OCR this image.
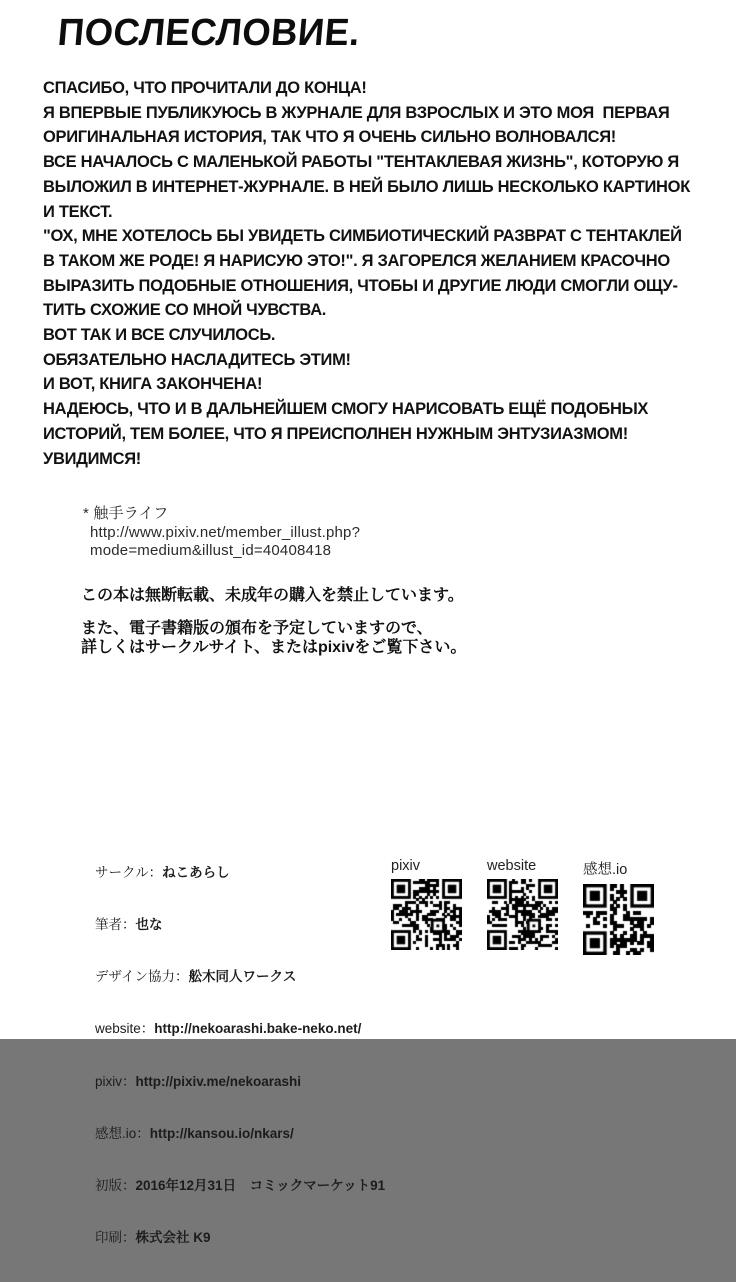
ПОСЛЕСЛОВИЕ.
СПАСИБО, ЧТО ПРОЧИТАЛИ ДО КОНЦА!
Я ВПЕРВЫЕ ПУБЛИКУЮСЬ В ЖУРНАЛЕ ДЛЯ ВЗРОСЛЫХ И ЭТО МОЯ  ПЕРВАЯ
ОРИГИНАЛЬНАЯ ИСТОРИЯ, ТАК ЧТО Я ОЧЕНЬ СИЛЬНО ВОЛНОВАЛСЯ!
ВСЕ НАЧАЛОСЬ С МАЛЕНЬКОЙ РАБОТЫ "ТЕНТАКЛЕВАЯ ЖИЗНЬ", КОТОРУЮ Я
ВЫЛОЖИЛ В ИНТЕРНЕТ-ЖУРНАЛЕ. В НЕЙ БЫЛО ЛИШЬ НЕСКОЛЬКО КАРТИНОК
И ТЕКСТ.
"ОХ, МНЕ ХОТЕЛОСЬ БЫ УВИДЕТЬ СИМБИОТИЧЕСКИЙ РАЗВРАТ С ТЕНТАКЛЕЙ
В ТАКОМ ЖЕ РОДЕ! Я НАРИСУЮ ЭТО!". Я ЗАГОРЕЛСЯ ЖЕЛАНИЕМ КРАСОЧНО
ВЫРАЗИТЬ ПОДОБНЫЕ ОТНОШЕНИЯ, ЧТОБЫ И ДРУГИЕ ЛЮДИ СМОГЛИ ОЩУ-
ТИТЬ СХОЖИЕ СО МНОЙ ЧУВСТВА.
ВОТ ТАК И ВСЕ СЛУЧИЛОСЬ.
ОБЯЗАТЕЛЬНО НАСЛАДИТЕСЬ ЭТИМ!
И ВОТ, КНИГА ЗАКОНЧЕНА!
НАДЕЮСЬ, ЧТО И В ДАЛЬНЕЙШЕМ СМОГУ НАРИСОВАТЬ ЕЩЁ ПОДОБНЫХ
ИСТОРИЙ, ТЕМ БОЛЕЕ, ЧТО Я ПРЕИСПОЛНЕН НУЖНЫМ ЭНТУЗИАЗМОМ!
УВИДИМСЯ!
* 触手ライフ
http://www.pixiv.net/member_illust.php?
mode=medium&illust_id=40408418
この本は無断転載、未成年の購入を禁止しています。
また、電子書籍版の頒布を予定していますので、
詳しくはサークルサイト、またはpixivをご覧下さい。

サークル：ねこあらし

筆者：也な

デザイン協力：舩木同人ワークス

website：http://nekoarashi.bake-neko.net/

pixiv：http://pixiv.me/nekoarashi

感想.io：http://kansou.io/nkars/

初版：2016年12月31日　コミックマーケット91

印刷：株式会社 K9

pixiv	website	感想.io
